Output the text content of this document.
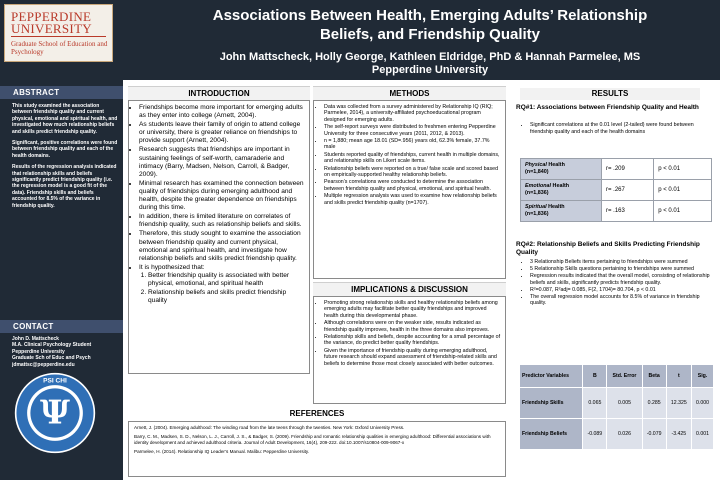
PEPPERDINE
UNIVERSITY
Graduate School of Education and Psychology
Associations Between Health, Emerging Adults’ Relationship
Beliefs, and Friendship Quality
John Mattscheck, Holly George, Kathleen Eldridge, PhD & Hannah Parmelee, MS
Pepperdine University
ABSTRACT

This study examined the association between friendship quality and current physical, emotional and spiritual health, and investigated how much relationship beliefs and skills predict friendship quality.

Significant, positive correlations were found between friendship quality and each of the health domains.

Results of the regression analysis indicated that relationship skills and beliefs significantly predict friendship quality (i.e. the regression model is a good fit of the data). Friendship skills and beliefs accounted for 8.5% of the variance in friendship quality.

CONTACT
John D. Mattscheck
M.A. Clinical Psychology Student
Pepperdine University
Graduate Sch of Educ and Psych
jdmattsc@pepperdine.edu
PSI CHI
Ψ
INTRODUCTION
• Friendships become more important for emerging adults as they enter into college (Arnett, 2004).
• As students leave their family of origin to attend college or university, there is greater reliance on friendships to provide support (Arnett, 2004).
• Research suggests that friendships are important in sustaining feelings of self-worth, camaraderie and intimacy (Barry, Madsen, Nelson, Carroll, & Badger, 2009).
• Minimal research has examined the connection between quality of friendships during emerging adulthood and health, despite the greater dependence on friendships during this time.
• In addition, there is limited literature on correlates of friendship quality, such as relationship beliefs and skills.
• Therefore, this study sought to examine the association between friendship quality and current physical, emotional and spiritual health, and investigate how relationship beliefs and skills predict friendship quality.
• It is hypothesized that:
1. Better friendship quality is associated with better physical, emotional, and spiritual health
2. Relationship beliefs and skills predict friendship quality
METHODS
• Data was collected from a survey administered by Relationship IQ (RIQ; Parmelee, 2014), a university-affiliated psychoeducational program designed for emerging adults.
• The self-report surveys were distributed to freshmen entering Pepperdine University for three consecutive years (2011, 2012, & 2013).
• n = 1,880; mean age 18.01 (SD=.956) years old, 62.3% female, 37.7% male
• Students reported quality of friendships, current health in multiple domains, and relationship skills on Likert scale items.
• Relationship beliefs were reported on a true/ false scale and scored based on empirically-supported healthy relationship beliefs.
• Pearson’s correlations were conducted to determine the association between friendship quality and physical, emotional, and spiritual health.
• Multiple regression analysis was used to examine how relationship beliefs and skills predict friendship quality (n=1707).
IMPLICATIONS & DISCUSSION
• Promoting strong relationship skills and healthy relationship beliefs among emerging adults may facilitate better quality friendships and improved health during this developmental phase.
• Although correlations were on the weaker side, results indicated as friendship quality improves, health in the three domains also improves.
• Relationship skills and beliefs, despite accounting for a small percentage of the variance, do predict better quality friendships.
• Given the importance of friendship quality during emerging adulthood, future research should expand assessment of friendship-related skills and beliefs to determine those most closely associated with better outcomes.
REFERENCES

Arnett, J. (2004). Emerging adulthood: The winding road from the late teens through the twenties. New York: Oxford University Press.

Barry, C. M., Madsen, S. D., Nelson, L. J., Carroll, J. S., & Badger, S. (2009). Friendship and romantic relationship qualities in emerging adulthood: Differential associations with identity development and achieved adulthood criteria. Journal of Adult Development, 16(4), 209-222. doi:10.1007/s10804-009-9067-x

Parmelee, H. (2014). Relationship IQ Leader’s Manual. Malibu: Pepperdine University.

RESULTS
RQ#1: Associations between Friendship Quality and Health
• Significant correlations at the 0.01 level (2-tailed) were found between friendship quality and each of the health domains
Physical Health
(n=1,840)	r= .209	p < 0.01
Emotional Health
(n=1,836)	r= .267	p < 0.01
Spiritual Health
(n=1,836)	r= .163	p < 0.01
RQ#2: Relationship Beliefs and Skills Predicting Friendship Quality
• 3 Relationship Beliefs items pertaining to friendships were summed
• 5 Relationship Skills questions pertaining to friendships were summed
• Regression results indicated that the overall model, consisting of relationship beliefs and skills, significantly predicts friendship quality.
• R²=0.087, R²adj= 0.085, F(2, 1704)= 80.704, p < 0.01
• The overall regression model accounts for 8.5% of variance in friendship quality.
Predictor Variables	B	Std. Error	Beta	t	Sig.
Friendship Skills	0.065	0.005	0.285	12.325	0.000
Friendship Beliefs	-0.089	0.026	-0.079	-3.425	0.001
